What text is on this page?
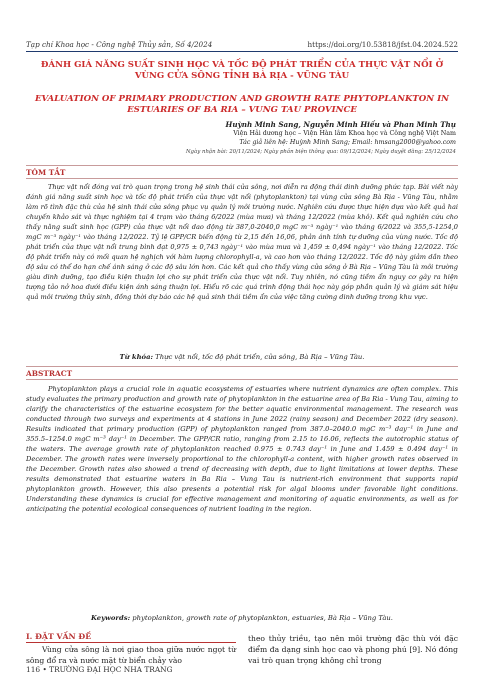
Tạp chí Khoa học - Công nghệ Thủy sản, Số 4/2024	https://doi.org/10.53818/jfst.04.2024.522
ĐÁNH GIÁ NĂNG SUẤT SINH HỌC VÀ TỐC ĐỘ PHÁT TRIỂN CỦA THỰC VẬT NỔI Ở VÙNG CỬA SÔNG TỈNH BÀ RỊA - VŨNG TÀU
EVALUATION OF PRIMARY PRODUCTION AND GROWTH RATE PHYTOPLANKTON IN ESTUARIES OF BA RIA – VUNG TAU PROVINCE
Huỳnh Minh Sang, Nguyễn Minh Hiếu và Phan Minh Thụ
Viện Hải dương học – Viện Hàn lâm Khoa học và Công nghệ Việt Nam
Tác giả liên hệ: Huỳnh Minh Sang; Email: hmsang2000@yahoo.com
Ngày nhận bài: 20/11/2024; Ngày phản biện thông qua: 09/12/2024; Ngày duyệt đăng: 25/12/2024
TÓM TẮT
Thực vật nổi đóng vai trò quan trọng trong hệ sinh thái cửa sông, nơi diễn ra động thái dinh dưỡng phức tạp. Bài viết này đánh giá năng suất sinh học và tốc độ phát triển của thực vật nổi (phytoplankton) tại vùng cửa sông Bà Rịa - Vũng Tàu, nhằm làm rõ tình đặc thù của hệ sinh thái cửa sông phục vụ quản lý môi trường nước. Nghiên cứu được thực hiện dựa vào kết quả hai chuyến khảo sát và thực nghiệm tại 4 trạm vào tháng 6/2022 (mùa mưa) và tháng 12/2022 (mùa khô). Kết quả nghiên cứu cho thấy năng suất sinh học (GPP) của thực vật nổi dao động từ 387,0-2040,0 mgC m⁻³ ngày⁻¹ vào tháng 6/2022 và 355,5-1254,0 mgC m⁻³ ngày⁻¹ vào tháng 12/2022. Tỷ lệ GPP/CR biến động từ 2,15 đến 16,06, phản ánh tính tự dưỡng của vùng nước. Tốc độ phát triển của thực vật nổi trung bình đạt 0,975 ± 0,743 ngày⁻¹ vào mùa mưa và 1,459 ± 0,494 ngày⁻¹ vào tháng 12/2022. Tốc độ phát triển này có mối quan hệ nghịch với hàm lượng chlorophyll-a, và cao hơn vào tháng 12/2022. Tốc độ này giảm dần theo độ sâu có thể do hạn chế ánh sáng ở các độ sâu lớn hơn. Các kết quả cho thấy vùng cửa sông ở Bà Rịa – Vũng Tàu là môi trường giàu dinh dưỡng, tạo điều kiện thuận lợi cho sự phát triển của thực vật nổi. Tuy nhiên, nó cũng tiềm ẩn nguy cơ gây ra hiện tượng tảo nở hoa dưới điều kiện ánh sáng thuận lợi. Hiểu rõ các quá trình động thái học này góp phần quản lý và giám sát hiệu quả môi trường thủy sinh, đồng thời dự báo các hệ quả sinh thái tiềm ẩn của việc tăng cường dinh dưỡng trong khu vực.
Từ khóa: Thực vật nổi, tốc độ phát triển, cửa sông, Bà Rịa – Vũng Tàu.
ABSTRACT
Phytoplankton plays a crucial role in aquatic ecosystems of estuaries where nutrient dynamics are often complex. This study evaluates the primary production and growth rate of phytoplankton in the estuarine area of Ba Ria - Vung Tau, aiming to clarify the characteristics of the estuarine ecosystem for the better aquatic environmental management. The research was conducted through two surveys and experiments at 4 stations in June 2022 (rainy season) and December 2022 (dry season). Results indicated that primary production (GPP) of phytoplankton ranged from 387.0–2040.0 mgC m⁻³ day⁻¹ in June and 355.5–1254.0 mgC m⁻³ day⁻¹ in December. The GPP/CR ratio, ranging from 2.15 to 16.06, reflects the autotrophic status of the waters. The average growth rate of phytoplankton reached 0.975 ± 0.743 day⁻¹ in June and 1.459 ± 0.494 day⁻¹ in December. The growth rates were inversely proportional to the chlorophyll-a content, with higher growth rates observed in the December. Growth rates also showed a trend of decreasing with depth, due to light limitations at lower depths. These results demonstrated that estuarine waters in Ba Ria – Vung Tau is nutrient-rich environment that supports rapid phytoplankton growth. However, this also presents a potential risk for algal blooms under favorable light conditions. Understanding these dynamics is crucial for effective management and monitoring of aquatic environments, as well as for anticipating the potential ecological consequences of nutrient loading in the region.
Keywords: phytoplankton, growth rate of phytoplankton, estuaries, Bà Rịa – Vũng Tàu.
I. ĐẶT VẤN ĐỀ
Vùng cửa sông là nơi giao thoa giữa nước ngọt từ sông đổ ra và nước mặt từ biển chảy vào
theo thủy triều, tạo nên môi trường đặc thù với đặc điểm đa dạng sinh học cao và phong phú [9]. Nó đóng vai trò quan trọng không chỉ trong
116 • TRƯỜNG ĐẠI HỌC NHA TRANG
